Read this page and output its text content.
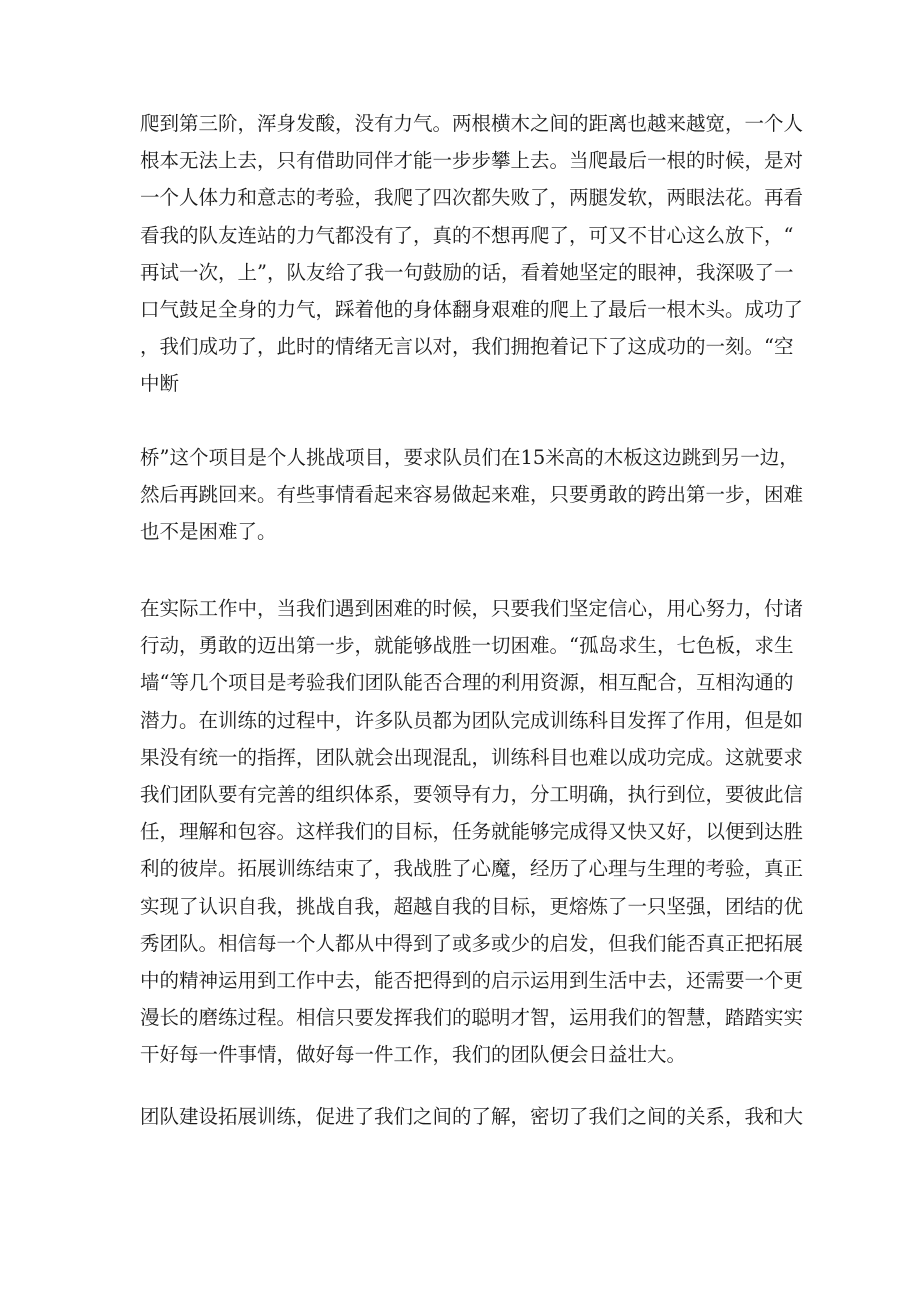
爬到第三阶，浑身发酸，没有力气。两根横木之间的距离也越来越宽，一个人
根本无法上去，只有借助同伴才能一步步攀上去。当爬最后一根的时候，是对
一个人体力和意志的考验，我爬了四次都失败了，两腿发软，两眼法花。再看
看我的队友连站的力气都没有了，真的不想再爬了，可又不甘心这么放下，“
再试一次，上”，队友给了我一句鼓励的话，看着她坚定的眼神，我深吸了一
口气鼓足全身的力气，踩着他的身体翻身艰难的爬上了最后一根木头。成功了
，我们成功了，此时的情绪无言以对，我们拥抱着记下了这成功的一刻。“空
中断

桥”这个项目是个人挑战项目，要求队员们在15米高的木板这边跳到另一边，
然后再跳回来。有些事情看起来容易做起来难，只要勇敢的跨出第一步，困难
也不是困难了。

在实际工作中，当我们遇到困难的时候，只要我们坚定信心，用心努力，付诸
行动，勇敢的迈出第一步，就能够战胜一切困难。“孤岛求生，七色板，求生
墙“等几个项目是考验我们团队能否合理的利用资源，相互配合，互相沟通的
潜力。在训练的过程中，许多队员都为团队完成训练科目发挥了作用，但是如
果没有统一的指挥，团队就会出现混乱，训练科目也难以成功完成。这就要求
我们团队要有完善的组织体系，要领导有力，分工明确，执行到位，要彼此信
任，理解和包容。这样我们的目标，任务就能够完成得又快又好，以便到达胜
利的彼岸。拓展训练结束了，我战胜了心魔，经历了心理与生理的考验，真正
实现了认识自我，挑战自我，超越自我的目标，更熔炼了一只坚强，团结的优
秀团队。相信每一个人都从中得到了或多或少的启发，但我们能否真正把拓展
中的精神运用到工作中去，能否把得到的启示运用到生活中去，还需要一个更
漫长的磨练过程。相信只要发挥我们的聪明才智，运用我们的智慧，踏踏实实
干好每一件事情，做好每一件工作，我们的团队便会日益壮大。

团队建设拓展训练，促进了我们之间的了解，密切了我们之间的关系，我和大
